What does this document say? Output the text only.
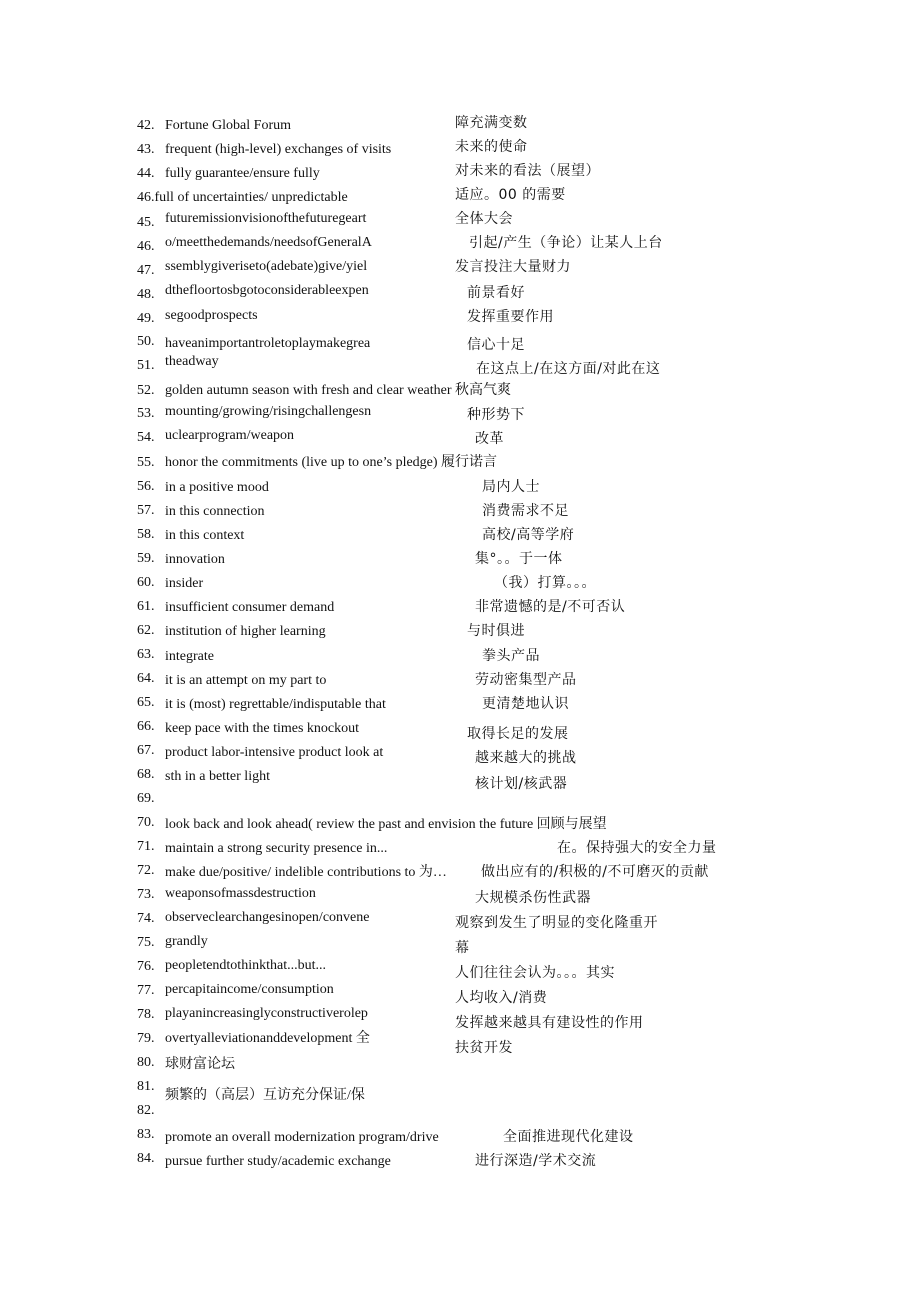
42.
43.
44.
45.
46.
47.
48.
49.
50.
51.
52.
53.
54.
55.
56.
57.
58.
59.
60.
61.
62.
63.
64.
65.
66.
67.
68.
69.
70.
71.
72.
73.
74.
75.
76.
77.
78.
79.
80.
81.
82.
83.
84.
Fortune Global Forum
frequent (high-level) exchanges of visits
fully guarantee/ensure fully
46.full of uncertainties/ unpredictable
futuremissionvisionofthefuturegeart
o/meetthedemands/needsofGeneralA
ssemblygiveriseto(adebate)give/yiel
dthefloortosbgotoconsiderableexpen
segoodprospects
haveanimportantroletoplaymakegrea
theadway
golden autumn season with fresh and clear weather 秋高气爽
mounting/growing/risingchallengesn
uclearprogram/weapon
honor the commitments (live up to one’s pledge) 履行诺言
in a positive mood
in this connection
in this context
innovation
insider
insufficient consumer demand
institution of higher learning
integrate
it is an attempt on my part to
it is (most) regrettable/indisputable that
keep pace with the times knockout
product labor-intensive product look at
sth in a better light
look back and look ahead( review the past and envision the future 回顾与展望
maintain a strong security presence in...
make due/positive/ indelible contributions to 为…
weaponsofmassdestruction
observeclearchangesinopen/convene
grandly
peopletendtothinkthat...but...
percapitaincome/consumption
playanincreasinglyconstructiverolep
overtyalleviationanddevelopment 全
球财富论坛
频繁的（高层）互访充分保证/保
promote an overall modernization program/drive
pursue further study/academic exchange
障充满变数
未来的使命
对未来的看法（展望）
适应。00 的需要
全体大会
引起/产生（争论）让某人上台
发言投注大量财力
前景看好
发挥重要作用
信心十足
在这点上/在这方面/对此在这
种形势下
改革
局内人士
消费需求不足
高校/高等学府
集°。。于一体
（我）打算。。。
非常遗憾的是/不可否认
与时俱进
拳头产品
劳动密集型产品
更清楚地认识
取得长足的发展
越来越大的挑战
核计划/核武器
在。保持强大的安全力量
做出应有的/积极的/不可磨灭的贡献
大规模杀伤性武器
观察到发生了明显的变化隆重开
幕
人们往往会认为。。。其实
人均收入/消费
发挥越来越具有建设性的作用
扶贫开发
全面推进现代化建设
进行深造/学术交流
